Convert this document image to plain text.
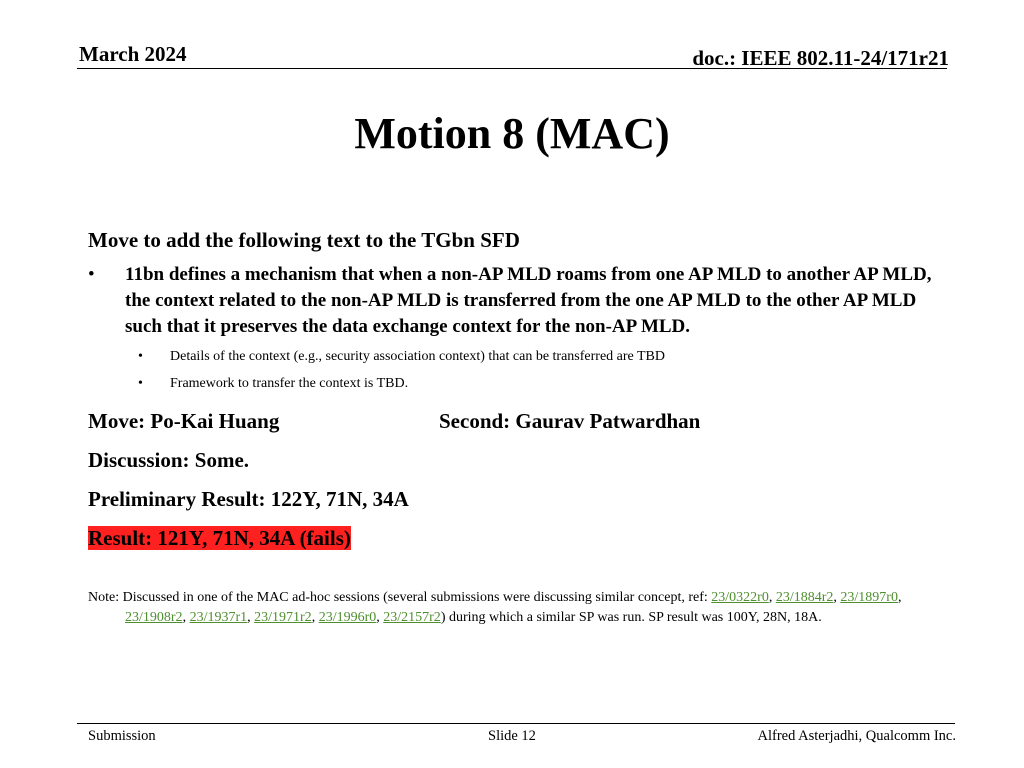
March 2024	doc.: IEEE 802.11-24/171r21
Motion 8 (MAC)
Move to add the following text to the TGbn SFD
• 11bn defines a mechanism that when a non-AP MLD roams from one AP MLD to another AP MLD, the context related to the non-AP MLD is transferred from the one AP MLD to the other AP MLD such that it preserves the data exchange context for the non-AP MLD.
• Details of the context (e.g., security association context) that can be transferred are TBD
• Framework to transfer the context is TBD.
Move: Po-Kai Huang	Second: Gaurav Patwardhan
Discussion: Some.
Preliminary Result: 122Y, 71N, 34A
Result: 121Y, 71N, 34A (fails)
Note: Discussed in one of the MAC ad-hoc sessions (several submissions were discussing similar concept, ref: 23/0322r0, 23/1884r2, 23/1897r0, 23/1908r2, 23/1937r1, 23/1971r2, 23/1996r0, 23/2157r2) during which a similar SP was run. SP result was 100Y, 28N, 18A.
Submission	Slide 12	Alfred Asterjadhi, Qualcomm Inc.
